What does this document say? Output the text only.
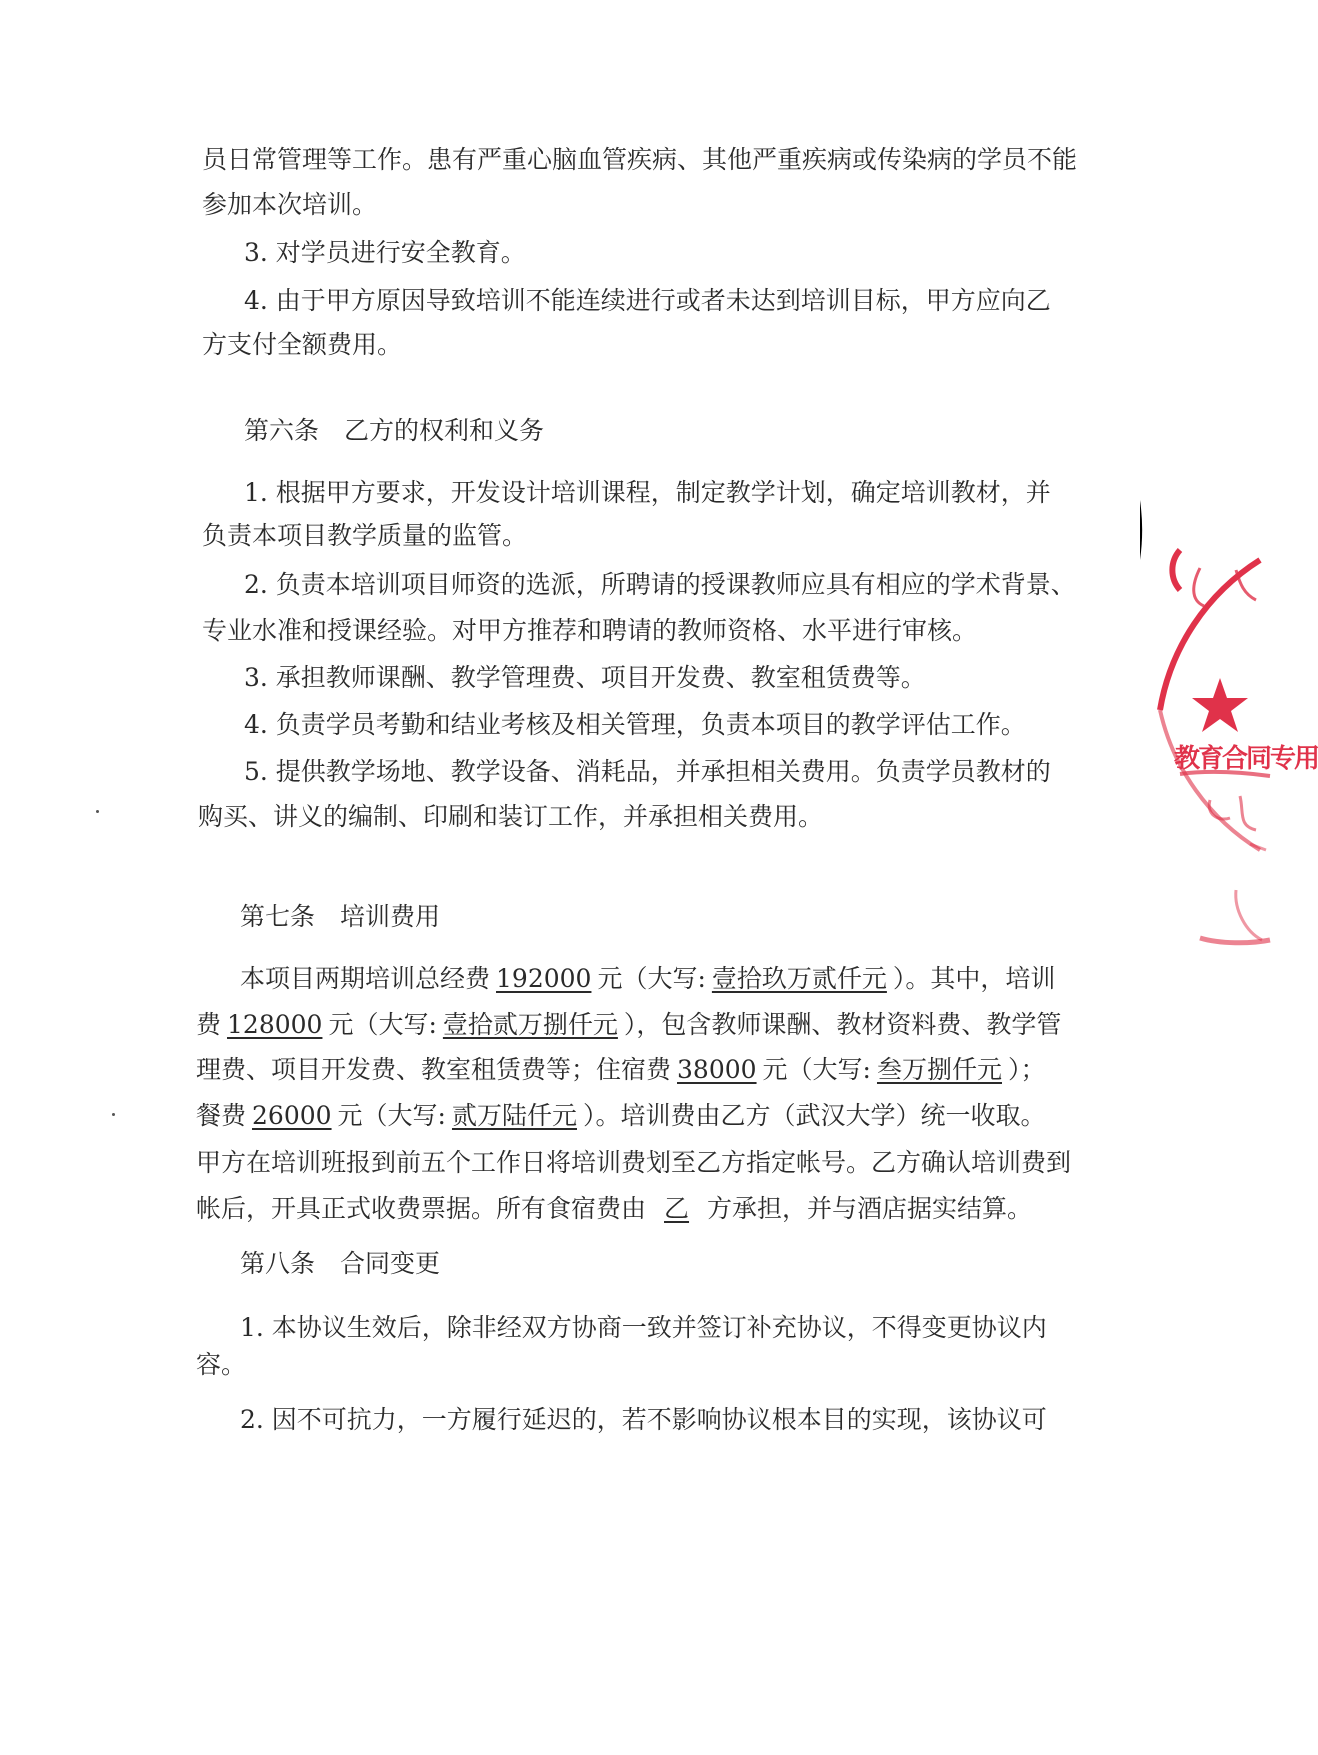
员日常管理等工作。患有严重心脑血管疾病、其他严重疾病或传染病的学员不能
参加本次培训。
3. 对学员进行安全教育。
4. 由于甲方原因导致培训不能连续进行或者未达到培训目标，甲方应向乙
方支付全额费用。
第六条　乙方的权利和义务
1. 根据甲方要求，开发设计培训课程，制定教学计划，确定培训教材，并
负责本项目教学质量的监管。
2. 负责本培训项目师资的选派，所聘请的授课教师应具有相应的学术背景、
专业水准和授课经验。对甲方推荐和聘请的教师资格、水平进行审核。
3. 承担教师课酬、教学管理费、项目开发费、教室租赁费等。
4. 负责学员考勤和结业考核及相关管理，负责本项目的教学评估工作。
5. 提供教学场地、教学设备、消耗品，并承担相关费用。负责学员教材的
购买、讲义的编制、印刷和装订工作，并承担相关费用。
第七条　培训费用
本项目两期培训总经费 192000 元（大写: 壹拾玖万贰仟元 ）。其中，培训
费 128000 元（大写: 壹拾贰万捌仟元 ），包含教师课酬、教材资料费、教学管
理费、项目开发费、教室租赁费等；住宿费 38000 元（大写: 叁万捌仟元 ）；
餐费 26000 元（大写: 贰万陆仟元 ）。培训费由乙方（武汉大学）统一收取。
甲方在培训班报到前五个工作日将培训费划至乙方指定帐号。乙方确认培训费到
帐后，开具正式收费票据。所有食宿费由 乙 方承担，并与酒店据实结算。
第八条　合同变更
1. 本协议生效后，除非经双方协商一致并签订补充协议，不得变更协议内
容。
2. 因不可抗力，一方履行延迟的，若不影响协议根本目的实现，该协议可
教育合同专用
